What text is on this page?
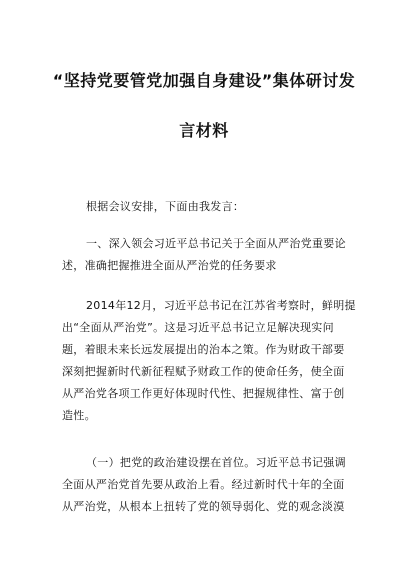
“坚持党要管党加强自身建设”集体研讨发
言材料
根据会议安排，下面由我发言：
一、深入领会习近平总书记关于全面从严治党重要论
述，准确把握推进全面从严治党的任务要求
2014年12月，习近平总书记在江苏省考察时，鲜明提
出“全面从严治党”。这是习近平总书记立足解决现实问
题，着眼未来长远发展提出的治本之策。作为财政干部要
深刻把握新时代新征程赋予财政工作的使命任务，使全面
从严治党各项工作更好体现时代性、把握规律性、富于创
造性。
（一）把党的政治建设摆在首位。习近平总书记强调
全面从严治党首先要从政治上看。经过新时代十年的全面
从严治党，从根本上扭转了党的领导弱化、党的观念淡漠
